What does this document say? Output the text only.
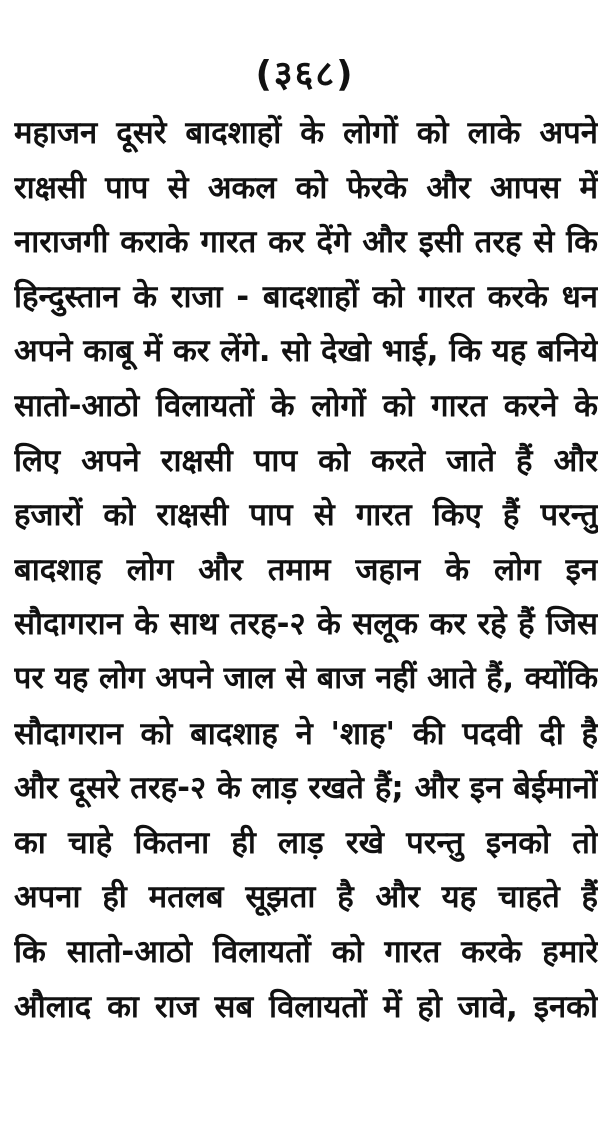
(३६८)
महाजन दूसरे बादशाहों के लोगों को लाके अपने
राक्षसी पाप से अकल को फेरके और आपस में
नाराजगी कराके गारत कर देंगे और इसी तरह से कि
हिन्दुस्तान के राजा - बादशाहों को गारत करके धन
अपने काबू में कर लेंगे. सो देखो भाई, कि यह बनिये
सातो-आठो विलायतों के लोगों को गारत करने के
लिए अपने राक्षसी पाप को करते जाते हैं और
हजारों को राक्षसी पाप से गारत किए हैं परन्तु
बादशाह लोग और तमाम जहान के लोग इन
सौदागरान के साथ तरह-२ के सलूक कर रहे हैं जिस
पर यह लोग अपने जाल से बाज नहीं आते हैं, क्योंकि
सौदागरान को बादशाह ने 'शाह' की पदवी दी है
और दूसरे तरह-२ के लाड़ रखते हैं; और इन बेईमानों
का चाहे कितना ही लाड़ रखे परन्तु इनको तो
अपना ही मतलब सूझता है और यह चाहते हैं
कि सातो-आठो विलायतों को गारत करके हमारे
औलाद का राज सब विलायतों में हो जावे, इनको
